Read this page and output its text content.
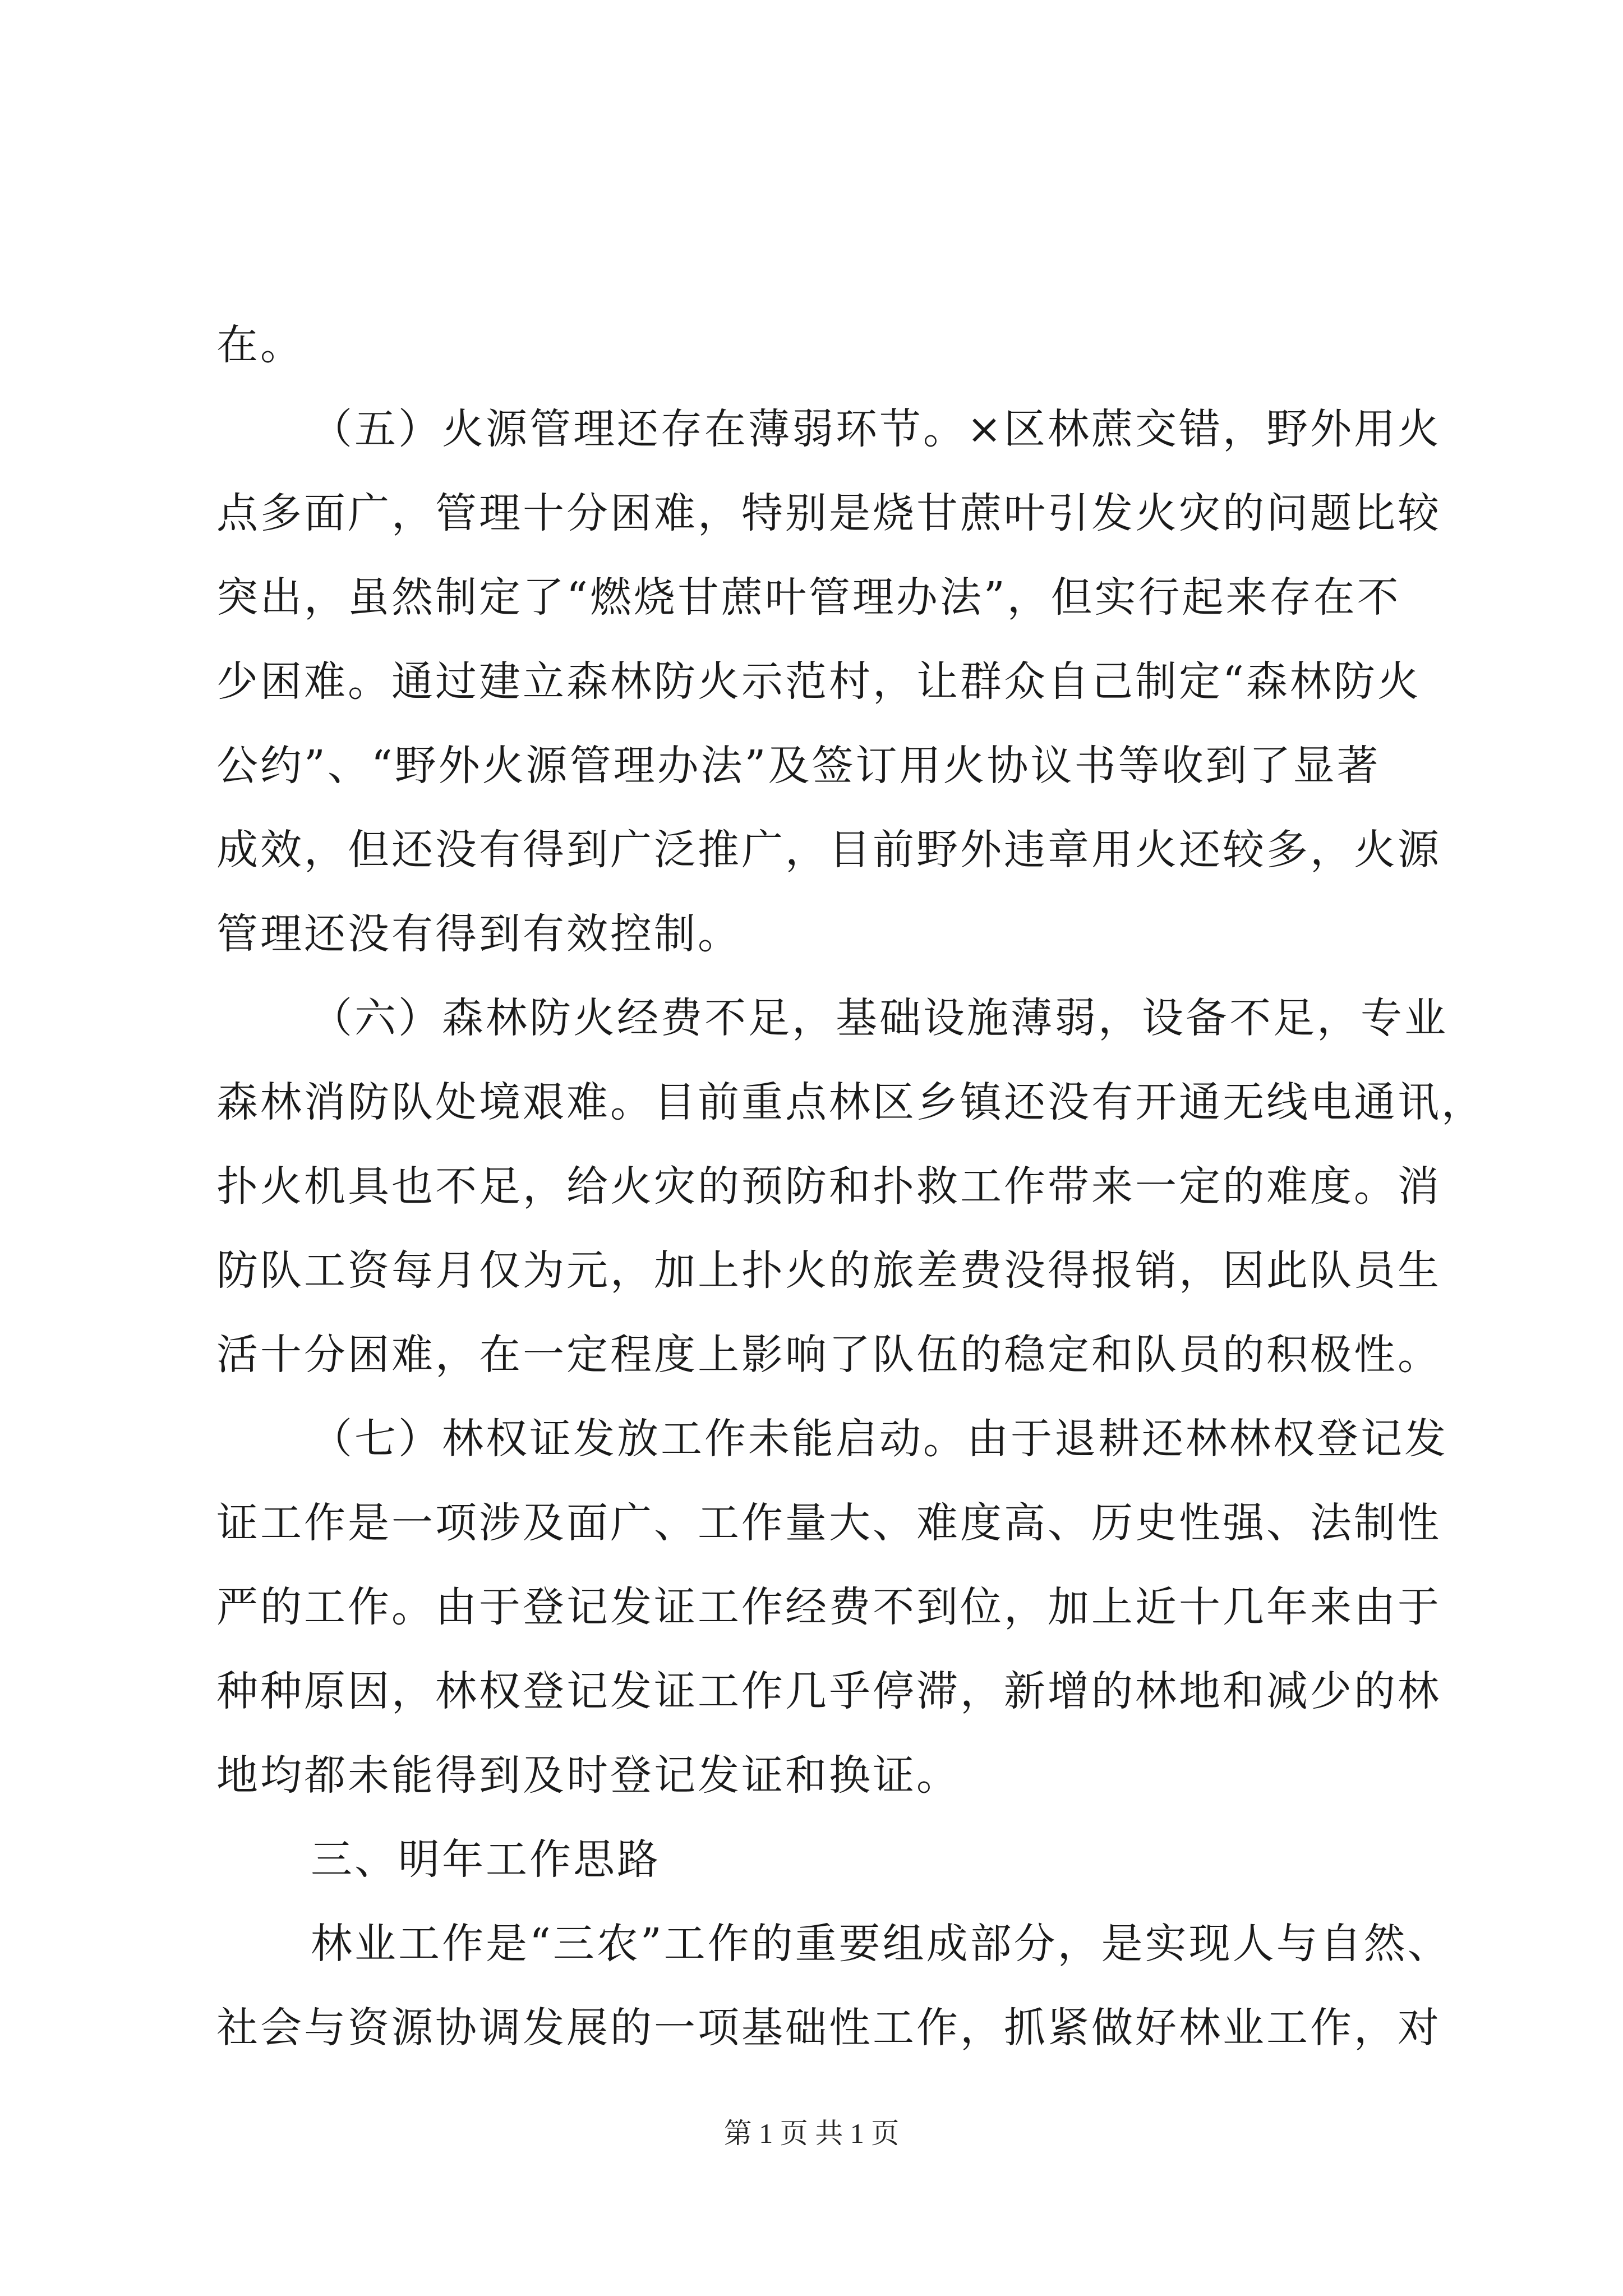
在。
（五）火源管理还存在薄弱环节。×区林蔗交错，野外用火
点多面广，管理十分困难，特别是烧甘蔗叶引发火灾的问题比较
突出，虽然制定了“燃烧甘蔗叶管理办法”，但实行起来存在不
少困难。通过建立森林防火示范村，让群众自己制定“森林防火
公约”、“野外火源管理办法”及签订用火协议书等收到了显著
成效，但还没有得到广泛推广，目前野外违章用火还较多，火源
管理还没有得到有效控制。
（六）森林防火经费不足，基础设施薄弱，设备不足，专业
森林消防队处境艰难。目前重点林区乡镇还没有开通无线电通讯，
扑火机具也不足，给火灾的预防和扑救工作带来一定的难度。消
防队工资每月仅为元，加上扑火的旅差费没得报销，因此队员生
活十分困难，在一定程度上影响了队伍的稳定和队员的积极性。
（七）林权证发放工作未能启动。由于退耕还林林权登记发
证工作是一项涉及面广、工作量大、难度高、历史性强、法制性
严的工作。由于登记发证工作经费不到位，加上近十几年来由于
种种原因，林权登记发证工作几乎停滞，新增的林地和减少的林
地均都未能得到及时登记发证和换证。
三、明年工作思路
林业工作是“三农”工作的重要组成部分，是实现人与自然、
社会与资源协调发展的一项基础性工作，抓紧做好林业工作，对
第 1 页 共 1 页
